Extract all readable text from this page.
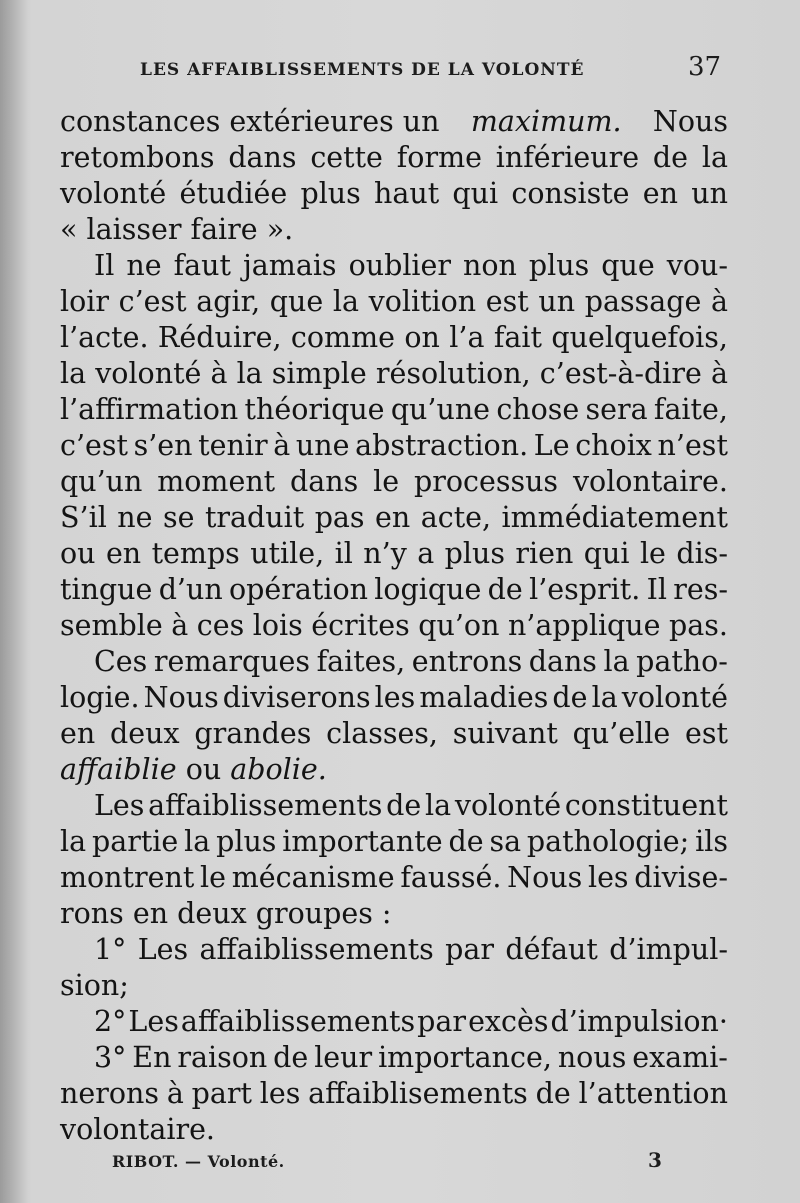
LES AFFAIBLISSEMENTS DE LA VOLONTÉ	37
constances extérieures un maximum. Nous
retombons dans cette forme inférieure de la
volonté étudiée plus haut qui consiste en un
« laisser faire ».
Il ne faut jamais oublier non plus que vou-
loir c’est agir, que la volition est un passage à
l’acte. Réduire, comme on l’a fait quelquefois,
la volonté à la simple résolution, c’est-à-dire à
l’affirmation théorique qu’une chose sera faite,
c’est s’en tenir à une abstraction. Le choix n’est
qu’un moment dans le processus volontaire.
S’il ne se traduit pas en acte, immédiatement
ou en temps utile, il n’y a plus rien qui le dis-
tingue d’un opération logique de l’esprit. Il res-
semble à ces lois écrites qu’on n’applique pas.
Ces remarques faites, entrons dans la patho-
logie. Nous diviserons les maladies de la volonté
en deux grandes classes, suivant qu’elle est
affaiblie
ou
abolie.
Les affaiblissements de la volonté constituent
la partie la plus importante de sa pathologie; ils
montrent le mécanisme faussé. Nous les divise-
rons en deux groupes :
1° Les affaiblissements par défaut d’impul-
sion;
2° Les affaiblissements par excès d’impulsion·
3° En raison de leur importance, nous exami-
nerons à part les affaiblisements de l’attention
volontaire.
RIBOT. — Volonté.	3
